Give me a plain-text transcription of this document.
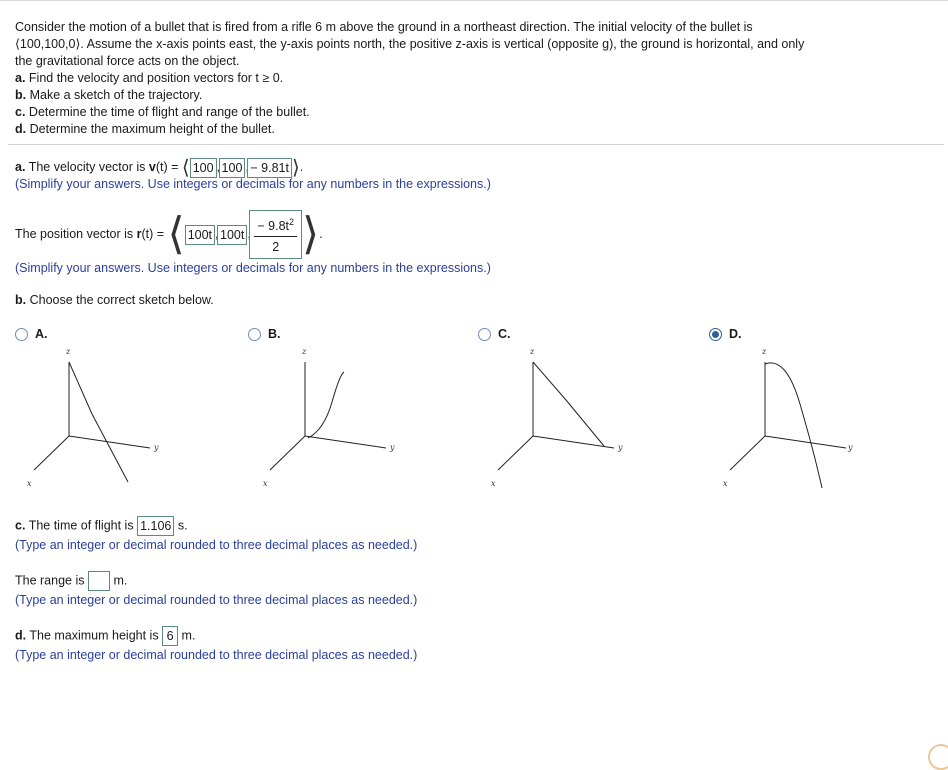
Consider the motion of a bullet that is fired from a rifle 6 m above the ground in a northeast direction. The initial velocity of the bullet is

⟨100,100,0⟩. Assume the x-axis points east, the y-axis points north, the positive z-axis is vertical (opposite g), the ground is horizontal, and only

the gravitational force acts on the object.

a. Find the velocity and position vectors for t ≥ 0.

b. Make a sketch of the trajectory.

c. Determine the time of flight and range of the bullet.

d. Determine the maximum height of the bullet.

a. The velocity vector is v(t) = ⟨ 100 , 100 , − 9.81t ⟩.
(Simplify your answers. Use integers or decimals for any numbers in the expressions.)
The position vector is r(t) = ⟨ 100t , 100t , $\frac{- 9.8t^2}{2}$ ⟩.
(Simplify your answers. Use integers or decimals for any numbers in the expressions.)
b. Choose the correct sketch below.
A.	B.	C.	D.
z
y
x
z
y
x
z
y
x
z
y
x
c. The time of flight is 1.106 s.
(Type an integer or decimal rounded to three decimal places as needed.)
The range is  m.
(Type an integer or decimal rounded to three decimal places as needed.)
d. The maximum height is 6 m.
(Type an integer or decimal rounded to three decimal places as needed.)
